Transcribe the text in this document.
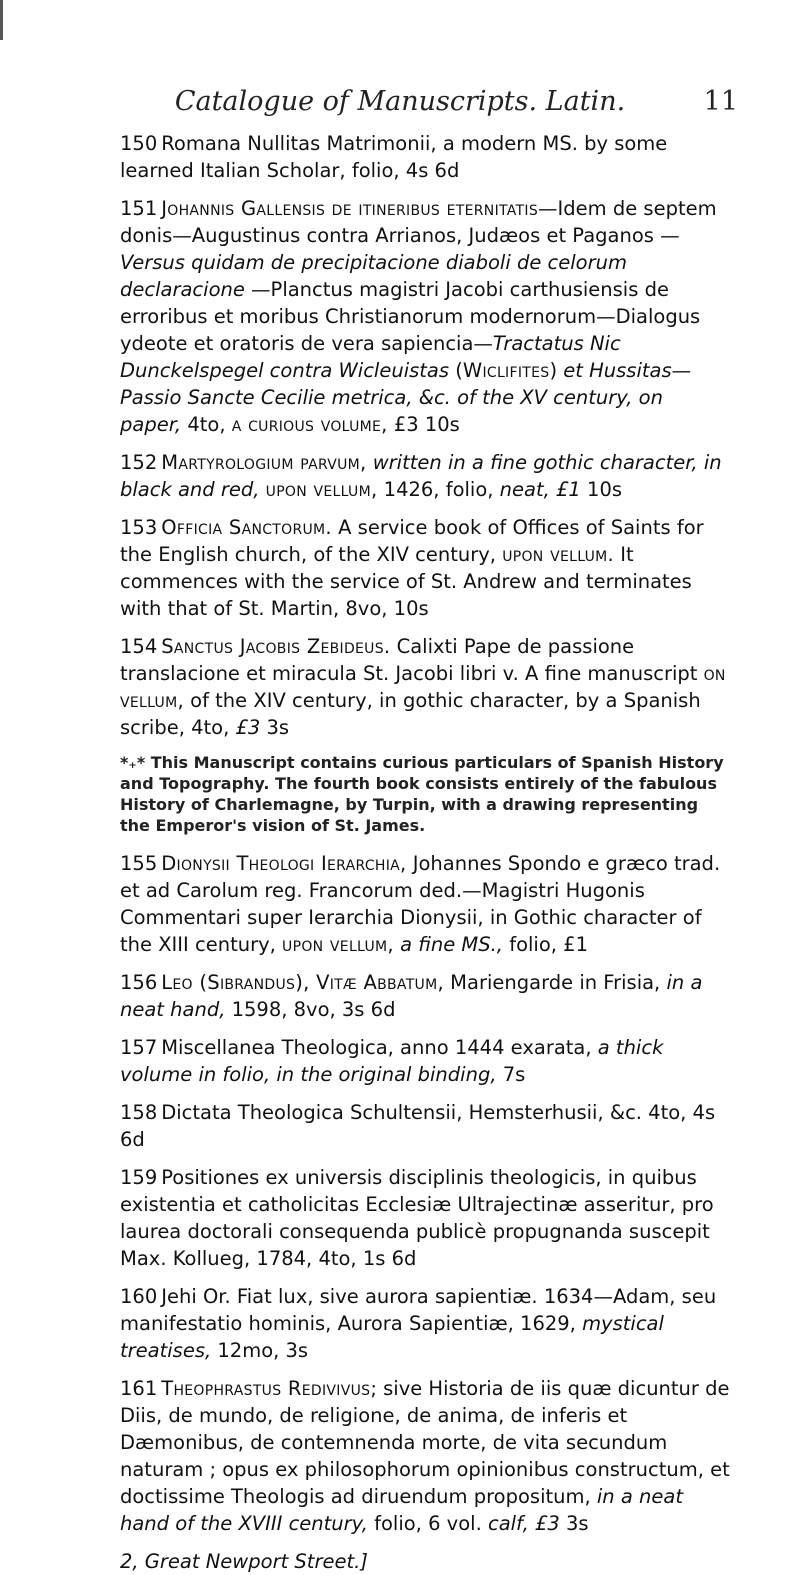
Catalogue of Manuscripts. Latin.	11

150 Romana Nullitas Matrimonii, a modern MS. by some learned Italian Scholar, folio, 4s 6d

151 Johannis Gallensis de itineribus eternitatis—Idem de septem donis—Augustinus contra Arrianos, Judæos et Paganos —Versus quidam de precipitacione diaboli de celorum declaracione —Planctus magistri Jacobi carthusiensis de erroribus et moribus Christianorum modernorum—Dialogus ydeote et oratoris de vera sapiencia—Tractatus Nic Dunckelspegel contra Wicleuistas (Wiclifites) et Hussitas—Passio Sancte Cecilie metrica, &c. of the XV century, on paper, 4to, a curious volume, £3 10s

152 Martyrologium parvum, written in a fine gothic character, in black and red, upon vellum, 1426, folio, neat, £1 10s

153 Officia Sanctorum. A service book of Offices of Saints for the English church, of the XIV century, upon vellum. It commences with the service of St. Andrew and terminates with that of St. Martin, 8vo, 10s

154 Sanctus Jacobis Zebideus. Calixti Pape de passione translacione et miracula St. Jacobi libri v. A fine manuscript on vellum, of the XIV century, in gothic character, by a Spanish scribe, 4to, £3 3s

*₊* This Manuscript contains curious particulars of Spanish History and Topography. The fourth book consists entirely of the fabulous History of Charlemagne, by Turpin, with a drawing representing the Emperor's vision of St. James.

155 Dionysii Theologi Ierarchia, Johannes Spondo e græco trad. et ad Carolum reg. Francorum ded.—Magistri Hugonis Commentari super Ierarchia Dionysii, in Gothic character of the XIII century, upon vellum, a fine MS., folio, £1

156 Leo (Sibrandus), Vitæ Abbatum, Mariengarde in Frisia, in a neat hand, 1598, 8vo, 3s 6d

157 Miscellanea Theologica, anno 1444 exarata, a thick volume in folio, in the original binding, 7s

158 Dictata Theologica Schultensii, Hemsterhusii, &c. 4to, 4s 6d

159 Positiones ex universis disciplinis theologicis, in quibus existentia et catholicitas Ecclesiæ Ultrajectinæ asseritur, pro laurea doctorali consequenda publicè propugnanda suscepit Max. Kollueg, 1784, 4to, 1s 6d

160 Jehi Or. Fiat lux, sive aurora sapientiæ. 1634—Adam, seu manifestatio hominis, Aurora Sapientiæ, 1629, mystical treatises, 12mo, 3s

161 Theophrastus Redivivus; sive Historia de iis quæ dicuntur de Diis, de mundo, de religione, de anima, de inferis et Dæmonibus, de contemnenda morte, de vita secundum naturam ; opus ex philosophorum opinionibus constructum, et doctissime Theologis ad diruendum propositum, in a neat hand of the XVIII century, folio, 6 vol. calf, £3 3s

2, Great Newport Street.]
